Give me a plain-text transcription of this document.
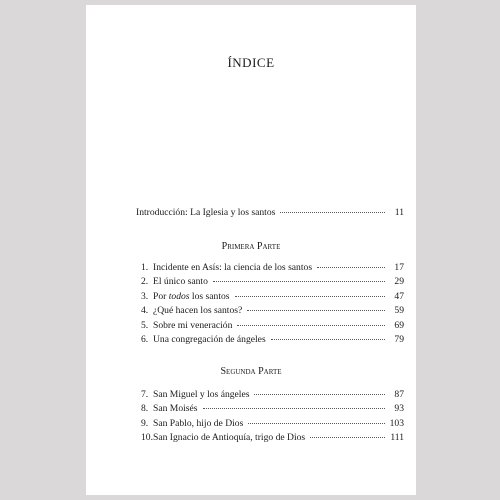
ÍNDICE
Introducción: La Iglesia y los santos	11
Primera Parte
1. Incidente en Asís: la ciencia de los santos	17
2. El único santo	29
3. Por todos los santos	47
4. ¿Qué hacen los santos?	59
5. Sobre mi veneración	69
6. Una congregación de ángeles	79
Segunda Parte
7. San Miguel y los ángeles	87
8. San Moisés	93
9. San Pablo, hijo de Dios	103
10. San Ignacio de Antioquía, trigo de Dios	111
